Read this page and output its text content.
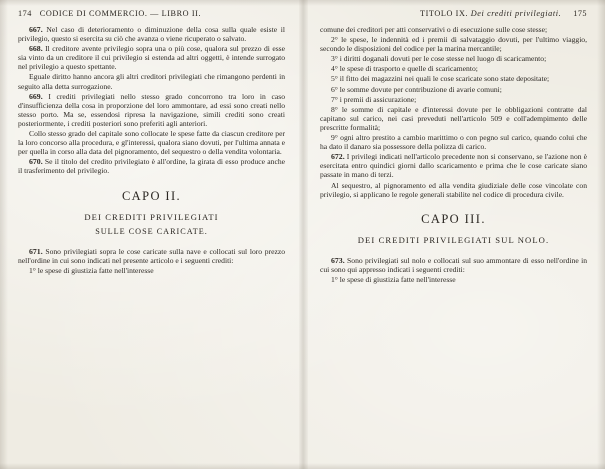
174 CODICE DI COMMERCIO. — LIBRO II.

667. Nel caso di deterioramento o diminuzione della cosa sulla quale esiste il privilegio, questo si esercita su ciò che avanza o viene ricuperato o salvato.

668. Il creditore avente privilegio sopra una o più cose, qualora sul prezzo di esse sia vinto da un creditore il cui privilegio si estenda ad altri oggetti, è intende surrogato nel privilegio a questo spettante.

Eguale diritto hanno ancora gli altri creditori privilegiati che rimangono perdenti in seguito alla detta surrogazione.

669. I crediti privilegiati nello stesso grado concorrono tra loro in caso d'insufficienza della cosa in proporzione del loro ammontare, ad essi sono creati nello stesso porto. Ma se, essendosi ripresa la navigazione, simili crediti sono creati posteriormente, i crediti posteriori sono preferiti agli anteriori.

Collo stesso grado del capitale sono collocate le spese fatte da ciascun creditore per la loro concorso alla procedura, e gl'interessi, qualora siano dovuti, per l'ultima annata e per quella in corso alla data del pignoramento, del sequestro o della vendita volontaria.

670. Se il titolo del credito privilegiato è all'ordine, la girata di esso produce anche il trasferimento del privilegio.

CAPO II.
DEI CREDITI PRIVILEGIATI
SULLE COSE CARICATE.

671. Sono privilegiati sopra le cose caricate sulla nave e collocati sul loro prezzo nell'ordine in cui sono indicati nel presente articolo e i seguenti crediti:

1° le spese di giustizia fatte nell'interesse

TITOLO IX. Dei crediti privilegiati. 175

comune dei creditori per atti conservativi o di esecuzione sulle cose stesse;

2° le spese, le indennità ed i premii di salvataggio dovuti, per l'ultimo viaggio, secondo le disposizioni del codice per la marina mercantile;

3° i diritti doganali dovuti per le cose stesse nel luogo di scaricamento;

4° le spese di trasporto e quelle di scaricamento;

5° il fitto dei magazzini nei quali le cose scaricate sono state depositate;

6° le somme dovute per contribuzione di avarie comuni;

7° i premii di assicurazione;

8° le somme di capitale e d'interessi dovute per le obbligazioni contratte dal capitano sul carico, nei casi preveduti nell'articolo 509 e coll'adempimento delle prescritte formalità;

9° ogni altro prestito a cambio marittimo o con pegno sul carico, quando colui che ha dato il danaro sia possessore della polizza di carico.

672. I privilegi indicati nell'articolo precedente non si conservano, se l'azione non è esercitata entro quindici giorni dallo scaricamento e prima che le cose caricate siano passate in mano di terzi.

Al sequestro, al pignoramento ed alla vendita giudiziale delle cose vincolate con privilegio, si applicano le regole generali stabilite nel codice di procedura civile.

CAPO III.
DEI CREDITI PRIVILEGIATI SUL NOLO.

673. Sono privilegiati sul nolo e collocati sul suo ammontare di esso nell'ordine in cui sono qui appresso indicati i seguenti crediti:

1° le spese di giustizia fatte nell'interesse
